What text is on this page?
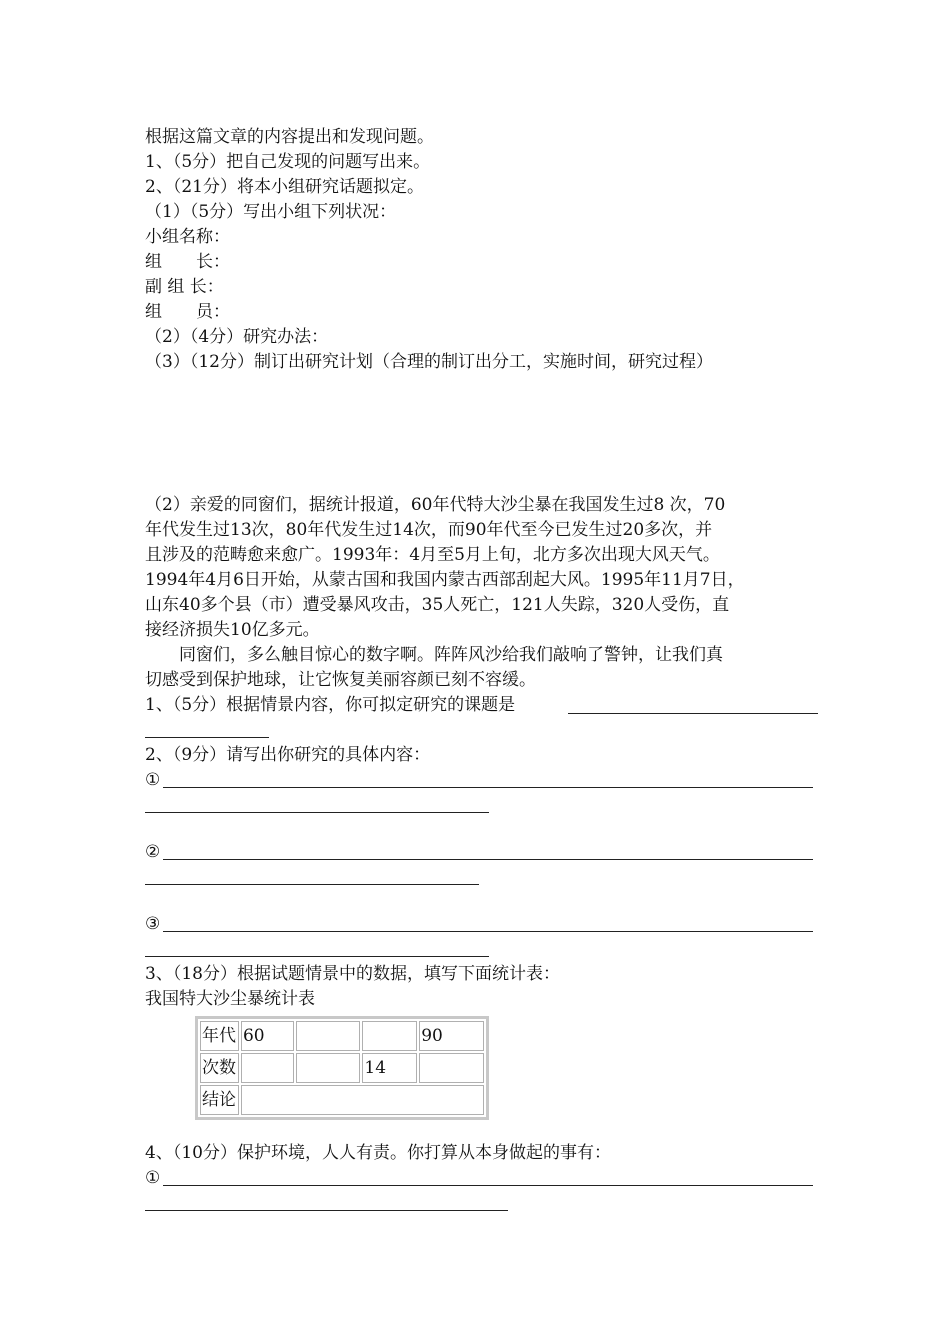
根据这篇文章的内容提出和发现问题。
1、（5分）把自己发现的问题写出来。
2、（21分）将本小组研究话题拟定。
（1）（5分）写出小组下列状况：
小组名称：
组　　长：
副 组 长：
组　　员：
（2）（4分）研究办法：
（3）（12分）制订出研究计划（合理的制订出分工，实施时间，研究过程）
（2）亲爱的同窗们，据统计报道，60年代特大沙尘暴在我国发生过8 次，70
年代发生过13次，80年代发生过14次，而90年代至今已发生过20多次，并
且涉及的范畴愈来愈广。1993年：4月至5月上旬，北方多次出现大风天气。
1994年4月6日开始，从蒙古国和我国内蒙古西部刮起大风。1995年11月7日，
山东40多个县（市）遭受暴风攻击，35人死亡，121人失踪，320人受伤，直
接经济损失10亿多元。
　　同窗们，多么触目惊心的数字啊。阵阵风沙给我们敲响了警钟，让我们真
切感受到保护地球，让它恢复美丽容颜已刻不容缓。
1、（5分）根据情景内容，你可拟定研究的课题是
2、（9分）请写出你研究的具体内容：
①
②
③
3、（18分）根据试题情景中的数据，填写下面统计表：
我国特大沙尘暴统计表
年代	60			90
次数			14	
结论				
4、（10分）保护环境，人人有责。你打算从本身做起的事有：
①
